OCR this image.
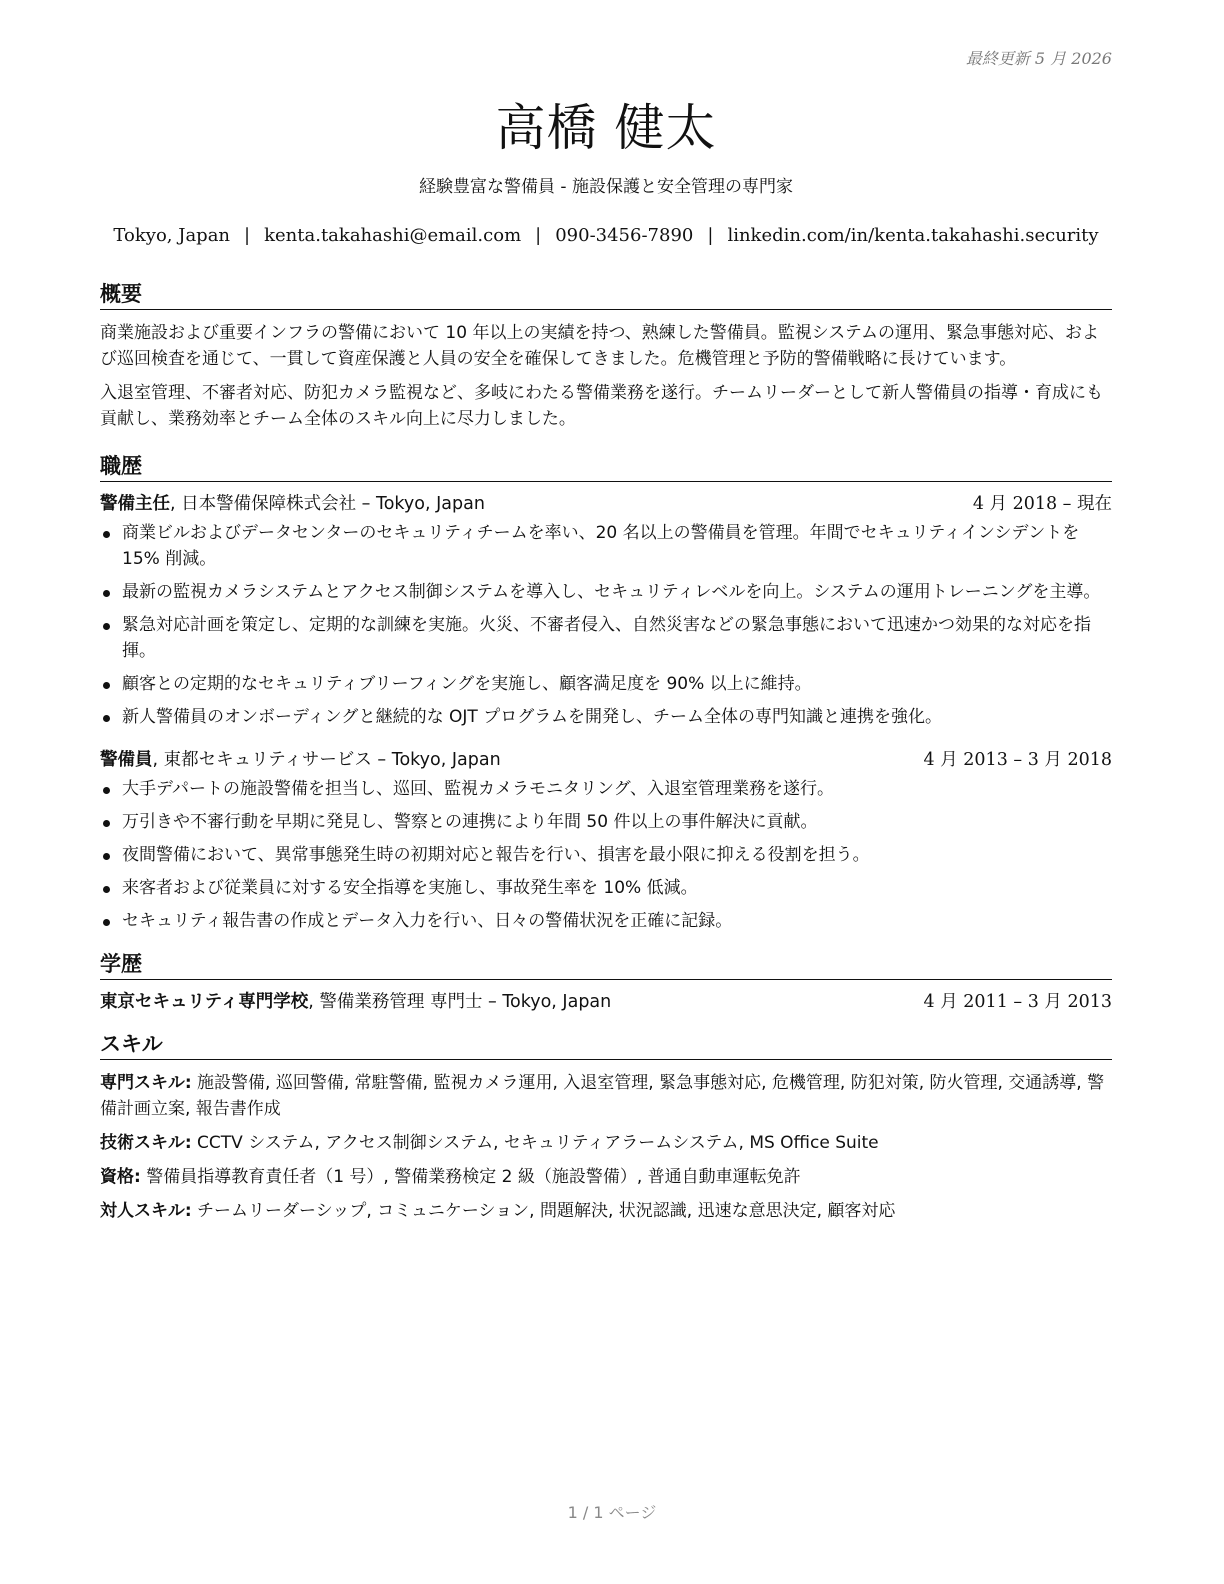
最終更新 5 月 2026
高橋 健太
経験豊富な警備員 - 施設保護と安全管理の専門家
Tokyo, Japan | kenta.takahashi@email.com | 090-3456-7890 | linkedin.com/in/kenta.takahashi.security
概要

商業施設および重要インフラの警備において 10 年以上の実績を持つ、熟練した警備員。監視システムの運用、緊急事態対応、および巡回検査を通じて、一貫して資産保護と人員の安全を確保してきました。危機管理と予防的警備戦略に長けています。

入退室管理、不審者対応、防犯カメラ監視など、多岐にわたる警備業務を遂行。チームリーダーとして新人警備員の指導・育成にも貢献し、業務効率とチーム全体のスキル向上に尽力しました。

職歴
警備主任, 日本警備保障株式会社 – Tokyo, Japan	4 月 2018 – 現在
商業ビルおよびデータセンターのセキュリティチームを率い、20 名以上の警備員を管理。年間でセキュリティインシデントを 15% 削減。
最新の監視カメラシステムとアクセス制御システムを導入し、セキュリティレベルを向上。システムの運用トレーニングを主導。
緊急対応計画を策定し、定期的な訓練を実施。火災、不審者侵入、自然災害などの緊急事態において迅速かつ効果的な対応を指揮。
顧客との定期的なセキュリティブリーフィングを実施し、顧客満足度を 90% 以上に維持。
新人警備員のオンボーディングと継続的な OJT プログラムを開発し、チーム全体の専門知識と連携を強化。
警備員, 東都セキュリティサービス – Tokyo, Japan	4 月 2013 – 3 月 2018
大手デパートの施設警備を担当し、巡回、監視カメラモニタリング、入退室管理業務を遂行。
万引きや不審行動を早期に発見し、警察との連携により年間 50 件以上の事件解決に貢献。
夜間警備において、異常事態発生時の初期対応と報告を行い、損害を最小限に抑える役割を担う。
来客者および従業員に対する安全指導を実施し、事故発生率を 10% 低減。
セキュリティ報告書の作成とデータ入力を行い、日々の警備状況を正確に記録。
学歴
東京セキュリティ専門学校, 警備業務管理 専門士 – Tokyo, Japan	4 月 2011 – 3 月 2013
スキル
専門スキル: 施設警備, 巡回警備, 常駐警備, 監視カメラ運用, 入退室管理, 緊急事態対応, 危機管理, 防犯対策, 防火管理, 交通誘導, 警備計画立案, 報告書作成
技術スキル: CCTV システム, アクセス制御システム, セキュリティアラームシステム, MS Office Suite
資格: 警備員指導教育責任者（1 号）, 警備業務検定 2 級（施設警備）, 普通自動車運転免許
対人スキル: チームリーダーシップ, コミュニケーション, 問題解決, 状況認識, 迅速な意思決定, 顧客対応
1 / 1 ページ
